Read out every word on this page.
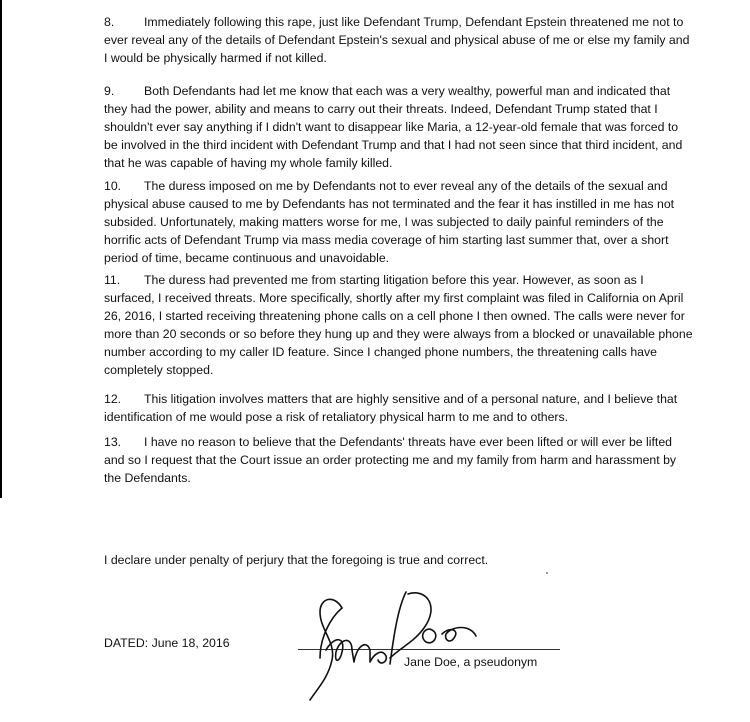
8. Immediately following this rape, just like Defendant Trump, Defendant Epstein threatened me not to ever reveal any of the details of Defendant Epstein's sexual and physical abuse of me or else my family and I would be physically harmed if not killed.

9. Both Defendants had let me know that each was a very wealthy, powerful man and indicated that they had the power, ability and means to carry out their threats. Indeed, Defendant Trump stated that I shouldn't ever say anything if I didn't want to disappear like Maria, a 12-year-old female that was forced to be involved in the third incident with Defendant Trump and that I had not seen since that third incident, and that he was capable of having my whole family killed.

10. The duress imposed on me by Defendants not to ever reveal any of the details of the sexual and physical abuse caused to me by Defendants has not terminated and the fear it has instilled in me has not subsided. Unfortunately, making matters worse for me, I was subjected to daily painful reminders of the horrific acts of Defendant Trump via mass media coverage of him starting last summer that, over a short period of time, became continuous and unavoidable.

11. The duress had prevented me from starting litigation before this year. However, as soon as I surfaced, I received threats. More specifically, shortly after my first complaint was filed in California on April 26, 2016, I started receiving threatening phone calls on a cell phone I then owned. The calls were never for more than 20 seconds or so before they hung up and they were always from a blocked or unavailable phone number according to my caller ID feature. Since I changed phone numbers, the threatening calls have completely stopped.

12. This litigation involves matters that are highly sensitive and of a personal nature, and I believe that identification of me would pose a risk of retaliatory physical harm to me and to others.

13. I have no reason to believe that the Defendants' threats have ever been lifted or will ever be lifted and so I request that the Court issue an order protecting me and my family from harm and harassment by the Defendants.

I declare under penalty of perjury that the foregoing is true and correct.
DATED: June 18, 2016
Jane Doe, a pseudonym
